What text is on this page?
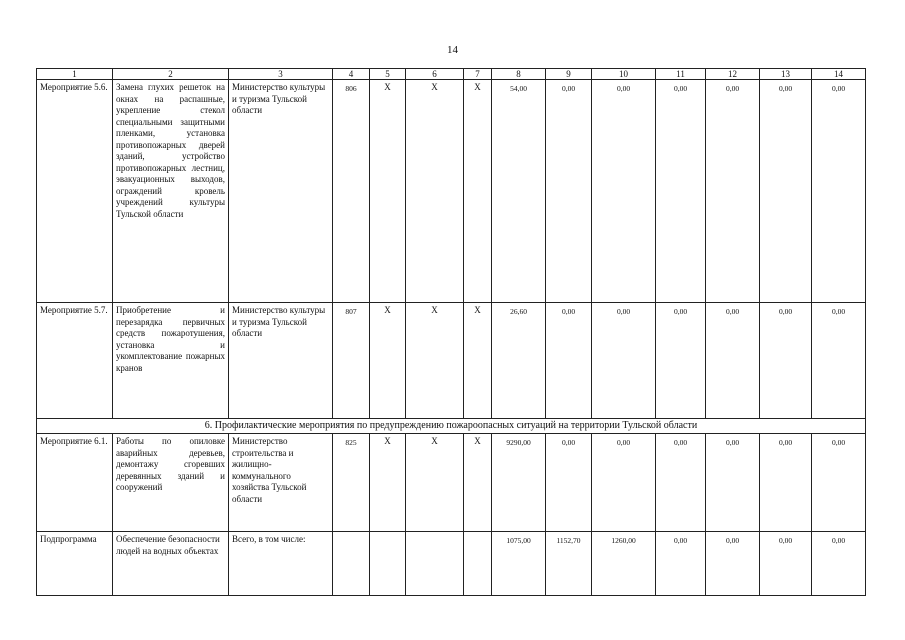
14
1	2	3	4	5	6	7	8	9	10	11	12	13	14
Мероприятие 5.6.	Замена глухих решеток на окнах на распашные, укрепление стекол специальными защитными пленками, установка противопожарных дверей зданий, устройство противопожарных лестниц, эвакуационных выходов, ограждений кровель учреждений культуры Тульской области	Министерство культуры и туризма Тульской области	806	X	X	X	54,00	0,00	0,00	0,00	0,00	0,00	0,00
Мероприятие 5.7.	Приобретение и перезарядка первичных средств пожаротушения, установка и укомплектование пожарных кранов	Министерство культуры и туризма Тульской области	807	X	X	X	26,60	0,00	0,00	0,00	0,00	0,00	0,00
6. Профилактические мероприятия по предупреждению пожароопасных ситуаций на территории Тульской области													
Мероприятие 6.1.	Работы по опиловке аварийных деревьев, демонтажу сгоревших деревянных зданий и сооружений	Министерство строительства и жилищно-коммунального хозяйства Тульской области	825	X	X	X	9290,00	0,00	0,00	0,00	0,00	0,00	0,00
Подпрограмма	Обеспечение безопасности людей на водных объектах	Всего, в том числе:					1075,00	1152,70	1260,00	0,00	0,00	0,00	0,00
